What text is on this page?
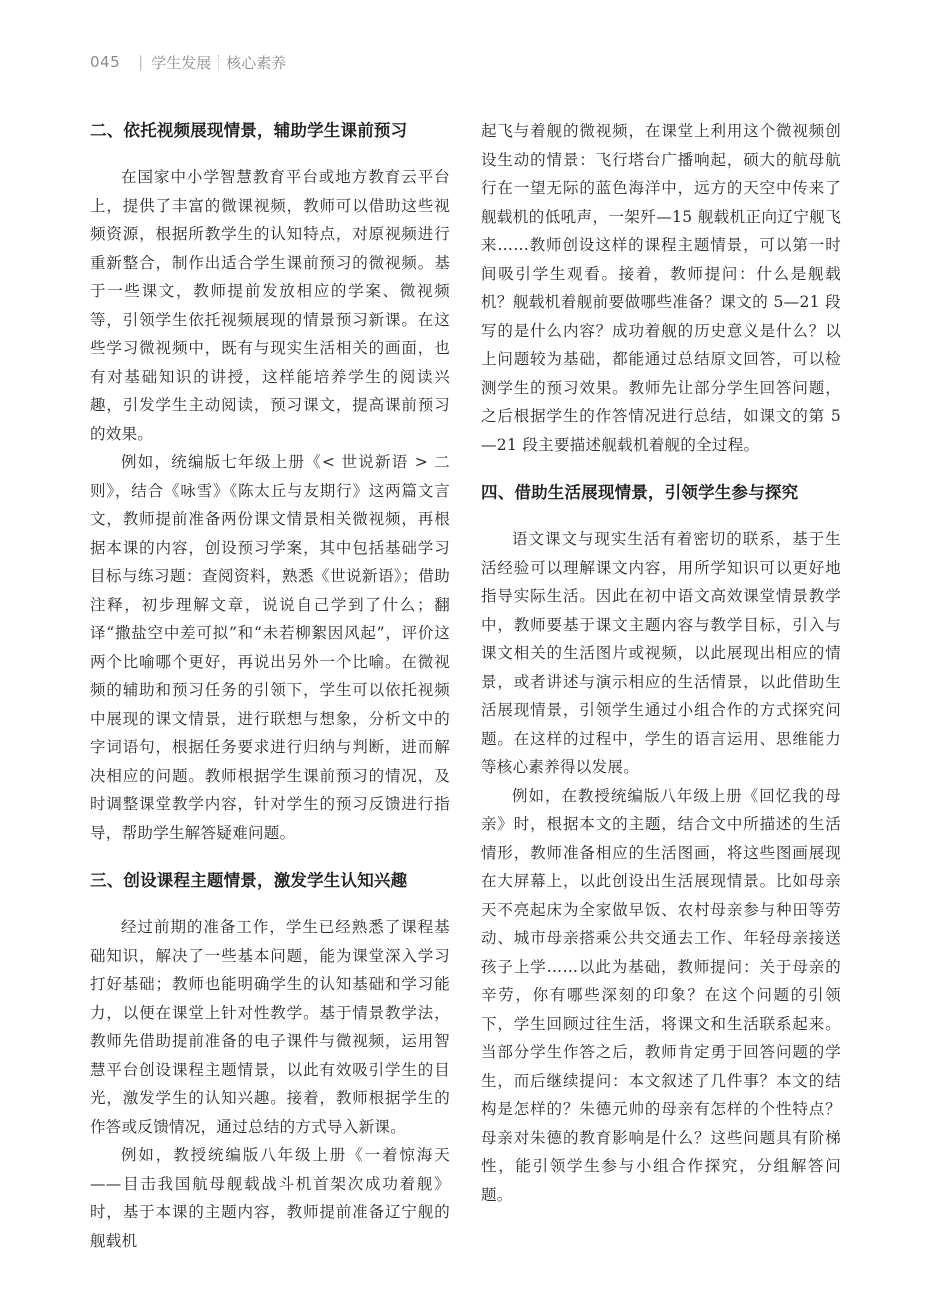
045 | 学生发展 核心素养
二、依托视频展现情景，辅助学生课前预习

在国家中小学智慧教育平台或地方教育云平台上，提供了丰富的微课视频，教师可以借助这些视频资源，根据所教学生的认知特点，对原视频进行重新整合，制作出适合学生课前预习的微视频。基于一些课文，教师提前发放相应的学案、微视频等，引领学生依托视频展现的情景预习新课。在这些学习微视频中，既有与现实生活相关的画面，也有对基础知识的讲授，这样能培养学生的阅读兴趣，引发学生主动阅读，预习课文，提高课前预习的效果。

例如，统编版七年级上册《< 世说新语 > 二则》，结合《咏雪》《陈太丘与友期行》这两篇文言文，教师提前准备两份课文情景相关微视频，再根据本课的内容，创设预习学案，其中包括基础学习目标与练习题：查阅资料，熟悉《世说新语》；借助注释，初步理解文章，说说自己学到了什么；翻译“撒盐空中差可拟”和“未若柳絮因风起”，评价这两个比喻哪个更好，再说出另外一个比喻。在微视频的辅助和预习任务的引领下，学生可以依托视频中展现的课文情景，进行联想与想象，分析文中的字词语句，根据任务要求进行归纳与判断，进而解决相应的问题。教师根据学生课前预习的情况，及时调整课堂教学内容，针对学生的预习反馈进行指导，帮助学生解答疑难问题。

三、创设课程主题情景，激发学生认知兴趣

经过前期的准备工作，学生已经熟悉了课程基础知识，解决了一些基本问题，能为课堂深入学习打好基础；教师也能明确学生的认知基础和学习能力，以便在课堂上针对性教学。基于情景教学法，教师先借助提前准备的电子课件与微视频，运用智慧平台创设课程主题情景，以此有效吸引学生的目光，激发学生的认知兴趣。接着，教师根据学生的作答或反馈情况，通过总结的方式导入新课。

例如，教授统编版八年级上册《一着惊海天——目击我国航母舰载战斗机首架次成功着舰》时，基于本课的主题内容，教师提前准备辽宁舰的舰载机

起飞与着舰的微视频，在课堂上利用这个微视频创设生动的情景：飞行塔台广播响起，硕大的航母航行在一望无际的蓝色海洋中，远方的天空中传来了舰载机的低吼声，一架歼—15 舰载机正向辽宁舰飞来……教师创设这样的课程主题情景，可以第一时间吸引学生观看。接着，教师提问：什么是舰载机？舰载机着舰前要做哪些准备？课文的 5—21 段写的是什么内容？成功着舰的历史意义是什么？以上问题较为基础，都能通过总结原文回答，可以检测学生的预习效果。教师先让部分学生回答问题，之后根据学生的作答情况进行总结，如课文的第 5—21 段主要描述舰载机着舰的全过程。

四、借助生活展现情景，引领学生参与探究

语文课文与现实生活有着密切的联系，基于生活经验可以理解课文内容，用所学知识可以更好地指导实际生活。因此在初中语文高效课堂情景教学中，教师要基于课文主题内容与教学目标，引入与课文相关的生活图片或视频，以此展现出相应的情景，或者讲述与演示相应的生活情景，以此借助生活展现情景，引领学生通过小组合作的方式探究问题。在这样的过程中，学生的语言运用、思维能力等核心素养得以发展。

例如，在教授统编版八年级上册《回忆我的母亲》时，根据本文的主题，结合文中所描述的生活情形，教师准备相应的生活图画，将这些图画展现在大屏幕上，以此创设出生活展现情景。比如母亲天不亮起床为全家做早饭、农村母亲参与种田等劳动、城市母亲搭乘公共交通去工作、年轻母亲接送孩子上学……以此为基础，教师提问：关于母亲的辛劳，你有哪些深刻的印象？在这个问题的引领下，学生回顾过往生活，将课文和生活联系起来。当部分学生作答之后，教师肯定勇于回答问题的学生，而后继续提问：本文叙述了几件事？本文的结构是怎样的？朱德元帅的母亲有怎样的个性特点？母亲对朱德的教育影响是什么？这些问题具有阶梯性，能引领学生参与小组合作探究，分组解答问题。
